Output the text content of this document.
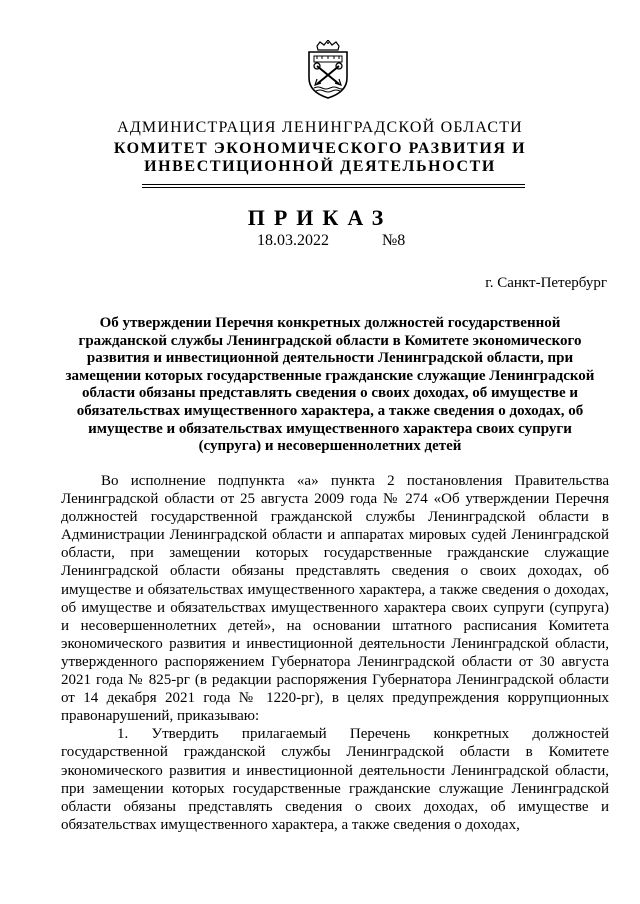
АДМИНИСТРАЦИЯ ЛЕНИНГРАДСКОЙ ОБЛАСТИ
КОМИТЕТ ЭКОНОМИЧЕСКОГО РАЗВИТИЯ И
ИНВЕСТИЦИОННОЙ ДЕЯТЕЛЬНОСТИ
ПРИКАЗ
18.03.2022	№8
г. Санкт-Петербург
Об утверждении Перечня конкретных должностей государственной гражданской службы Ленинградской области в Комитете экономического развития и инвестиционной деятельности Ленинградской области, при замещении которых государственные гражданские служащие Ленинградской области обязаны представлять сведения о своих доходах, об имуществе и обязательствах имущественного характера, а также сведения о доходах, об имуществе и обязательствах имущественного характера своих супруги (супруга) и несовершеннолетних детей

Во исполнение подпункта «а» пункта 2 постановления Правительства Ленинградской области от 25 августа 2009 года № 274 «Об утверждении Перечня должностей государственной гражданской службы Ленинградской области в Администрации Ленинградской области и аппаратах мировых судей Ленинградской области, при замещении которых государственные гражданские служащие Ленинградской области обязаны представлять сведения о своих доходах, об имуществе и обязательствах имущественного характера, а также сведения о доходах, об имуществе и обязательствах имущественного характера своих супруги (супруга) и несовершеннолетних детей», на основании штатного расписания Комитета экономического развития и инвестиционной деятельности Ленинградской области, утвержденного распоряжением Губернатора Ленинградской области от 30 августа 2021 года № 825-рг (в редакции распоряжения Губернатора Ленинградской области от 14 декабря 2021 года № 1220-рг), в целях предупреждения коррупционных правонарушений, приказываю:

1. Утвердить прилагаемый Перечень конкретных должностей государственной гражданской службы Ленинградской области в Комитете экономического развития и инвестиционной деятельности Ленинградской области, при замещении которых государственные гражданские служащие Ленинградской области обязаны представлять сведения о своих доходах, об имуществе и обязательствах имущественного характера, а также сведения о доходах,
